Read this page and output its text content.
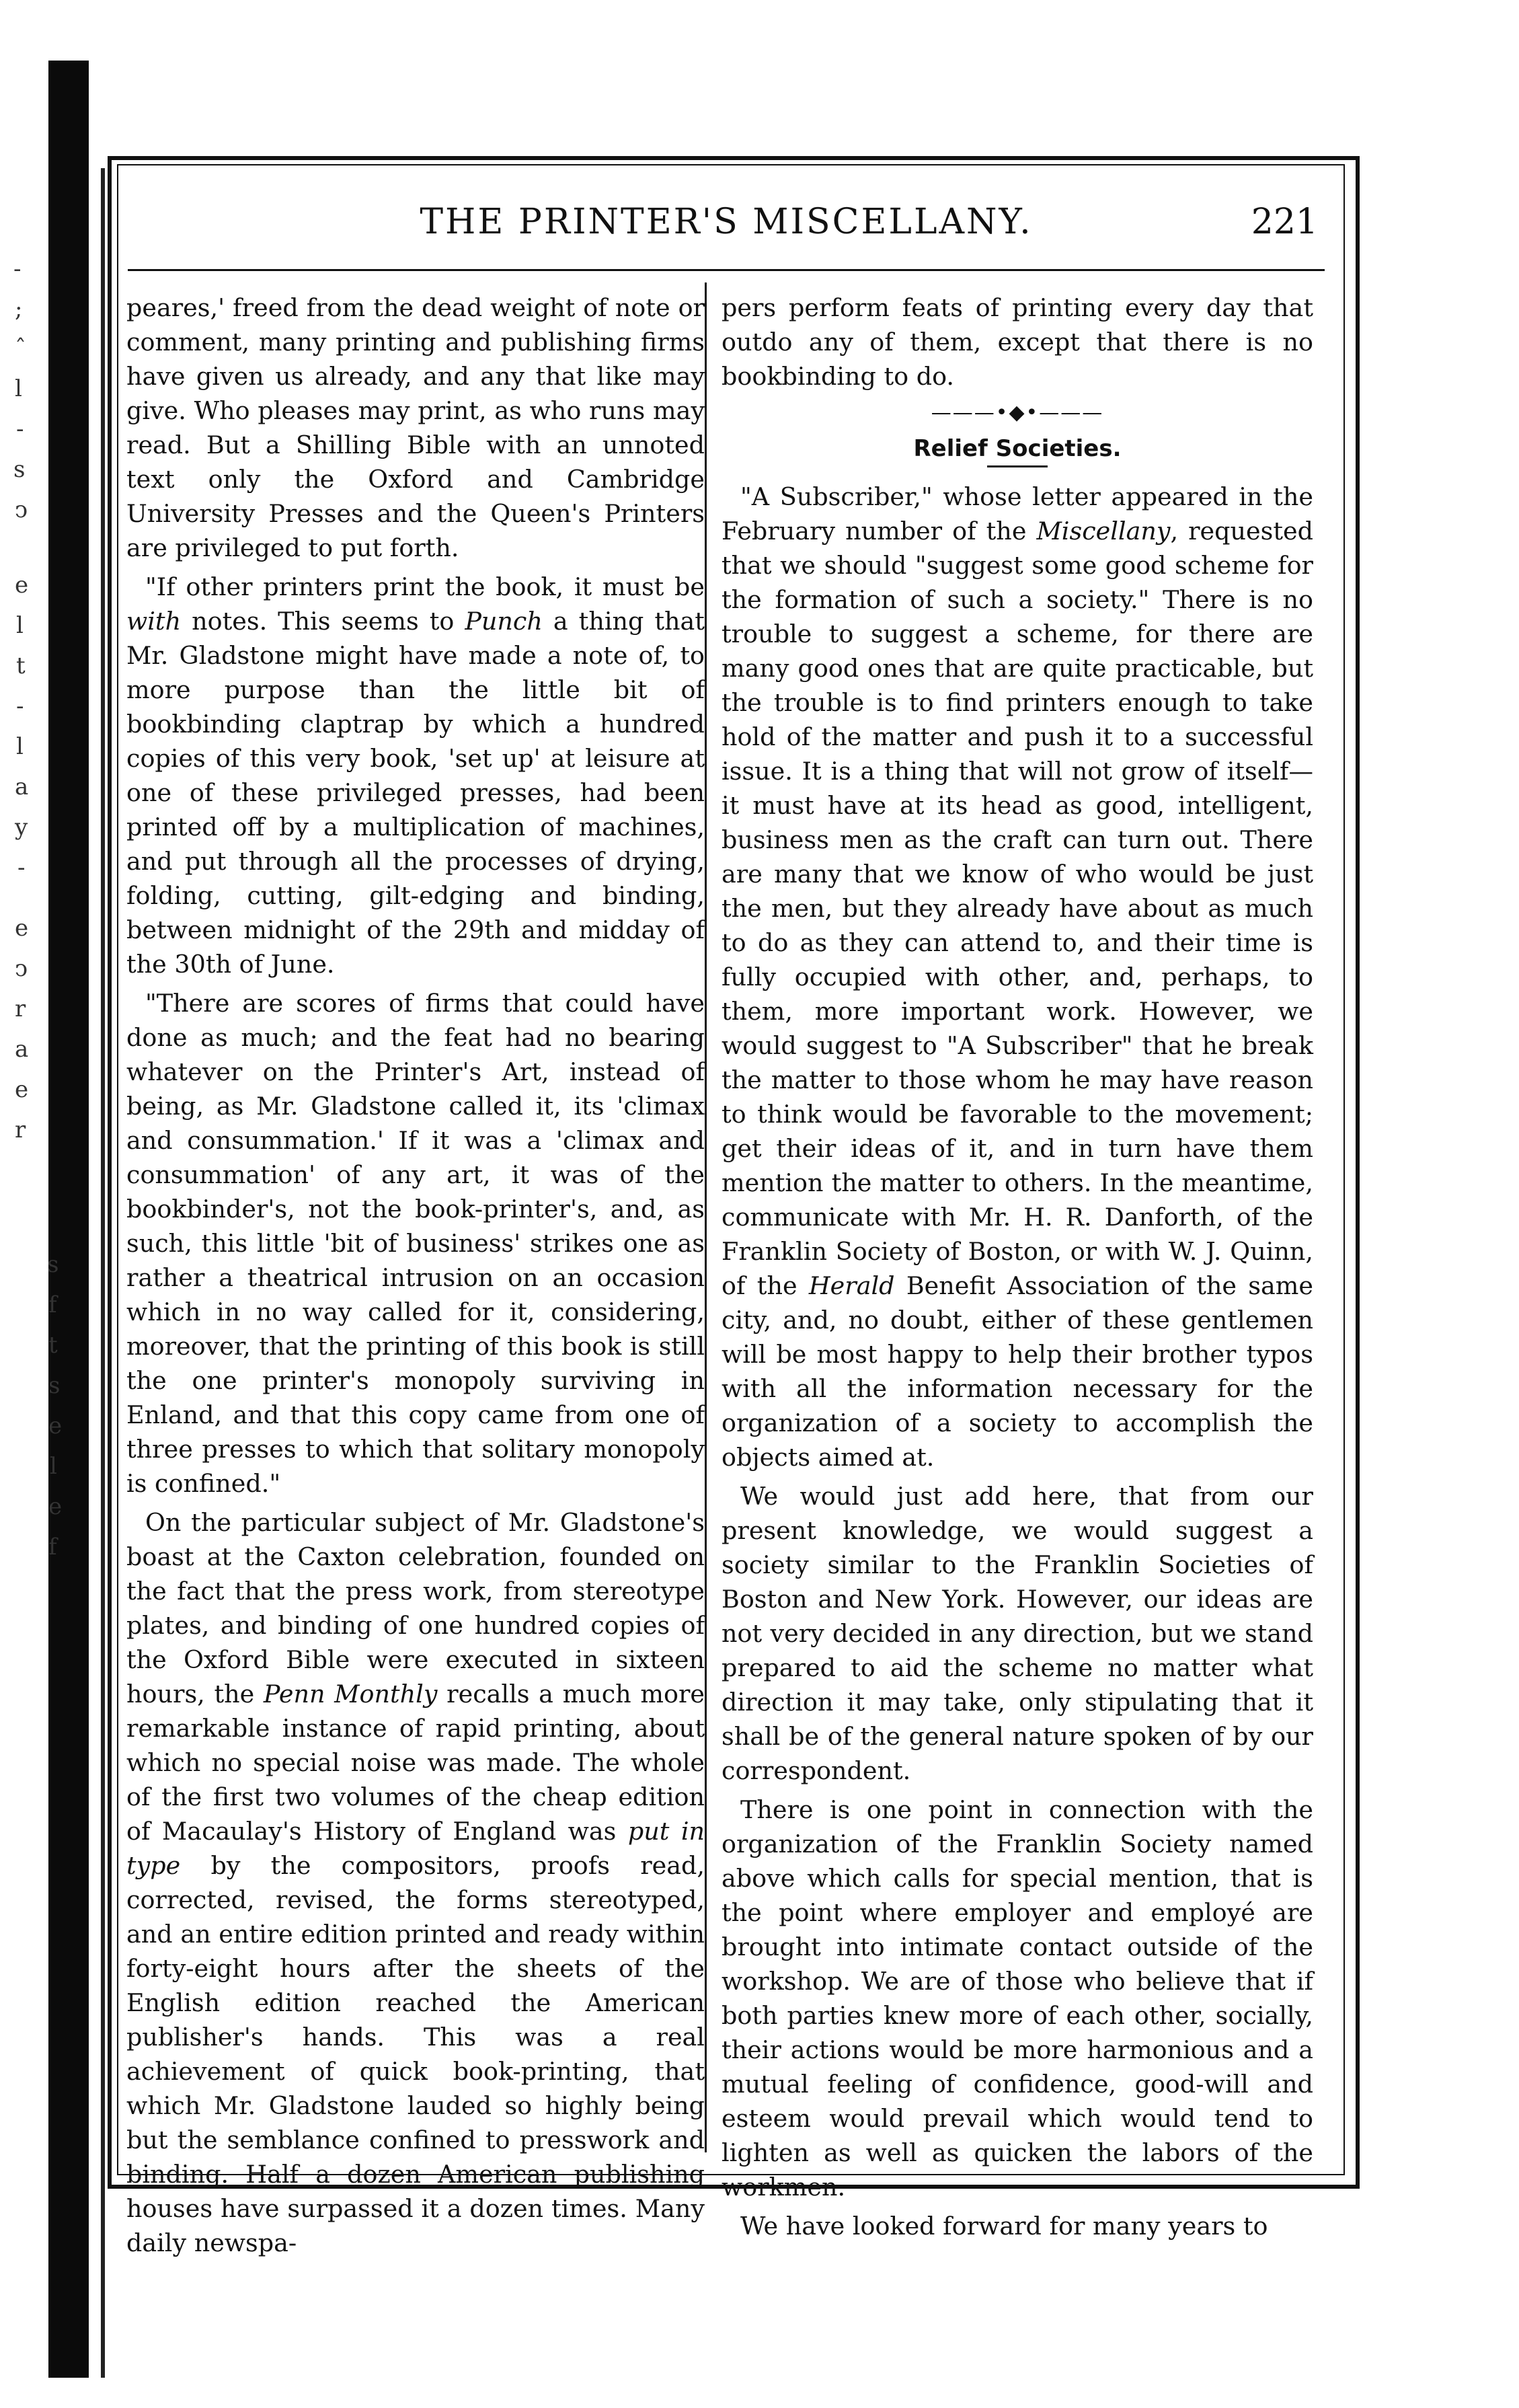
-
;
ˆ
l
-
s
ↄ
e
l
t
-
l
a
y
-
e
ↄ
r
a
e
r
s
f
t
s
e
l
e
f
THE PRINTER'S MISCELLANY.	221

peares,' freed from the dead weight of note or comment, many printing and publishing firms have given us already, and any that like may give. Who pleases may print, as who runs may read. But a Shilling Bible with an unnoted text only the Oxford and Cambridge University Presses and the Queen's Printers are privileged to put forth.

"If other printers print the book, it must be with notes. This seems to Punch a thing that Mr. Gladstone might have made a note of, to more purpose than the little bit of bookbinding claptrap by which a hundred copies of this very book, 'set up' at leisure at one of these privileged presses, had been printed off by a multiplication of machines, and put through all the processes of drying, folding, cutting, gilt-edging and binding, between midnight of the 29th and midday of the 30th of June.

"There are scores of firms that could have done as much; and the feat had no bearing whatever on the Printer's Art, instead of being, as Mr. Gladstone called it, its 'climax and consummation.' If it was a 'climax and consummation' of any art, it was of the bookbinder's, not the book-printer's, and, as such, this little 'bit of business' strikes one as rather a theatrical intrusion on an occasion which in no way called for it, considering, moreover, that the printing of this book is still the one printer's monopoly surviving in Enland, and that this copy came from one of three presses to which that solitary monopoly is confined."

On the particular subject of Mr. Gladstone's boast at the Caxton celebration, founded on the fact that the press work, from stereotype plates, and binding of one hundred copies of the Oxford Bible were executed in sixteen hours, the Penn Monthly recalls a much more remarkable instance of rapid printing, about which no special noise was made. The whole of the first two volumes of the cheap edition of Macaulay's History of England was put in type by the compositors, proofs read, corrected, revised, the forms stereotyped, and an entire edition printed and ready within forty-eight hours after the sheets of the English edition reached the American publisher's hands. This was a real achievement of quick book-printing, that which Mr. Gladstone lauded so highly being but the semblance confined to presswork and binding. Half a dozen American publishing houses have surpassed it a dozen times. Many daily newspa-

pers perform feats of printing every day that outdo any of them, except that there is no bookbinding to do.

———•◆•———
Relief Societies.

"A Subscriber," whose letter appeared in the February number of the Miscellany, requested that we should "suggest some good scheme for the formation of such a society." There is no trouble to suggest a scheme, for there are many good ones that are quite practicable, but the trouble is to find printers enough to take hold of the matter and push it to a successful issue. It is a thing that will not grow of itself—it must have at its head as good, intelligent, business men as the craft can turn out. There are many that we know of who would be just the men, but they already have about as much to do as they can attend to, and their time is fully occupied with other, and, perhaps, to them, more important work. However, we would suggest to "A Subscriber" that he break the matter to those whom he may have reason to think would be favorable to the movement; get their ideas of it, and in turn have them mention the matter to others. In the meantime, communicate with Mr. H. R. Danforth, of the Franklin Society of Boston, or with W. J. Quinn, of the Herald Benefit Association of the same city, and, no doubt, either of these gentlemen will be most happy to help their brother typos with all the information necessary for the organization of a society to accomplish the objects aimed at.

We would just add here, that from our present knowledge, we would suggest a society similar to the Franklin Societies of Boston and New York. However, our ideas are not very decided in any direction, but we stand prepared to aid the scheme no matter what direction it may take, only stipulating that it shall be of the general nature spoken of by our correspondent.

There is one point in connection with the organization of the Franklin Society named above which calls for special mention, that is the point where employer and employé are brought into intimate contact outside of the workshop. We are of those who believe that if both parties knew more of each other, socially, their actions would be more harmonious and a mutual feeling of confidence, good-will and esteem would prevail which would tend to lighten as well as quicken the labors of the workmen.

We have looked forward for many years to
